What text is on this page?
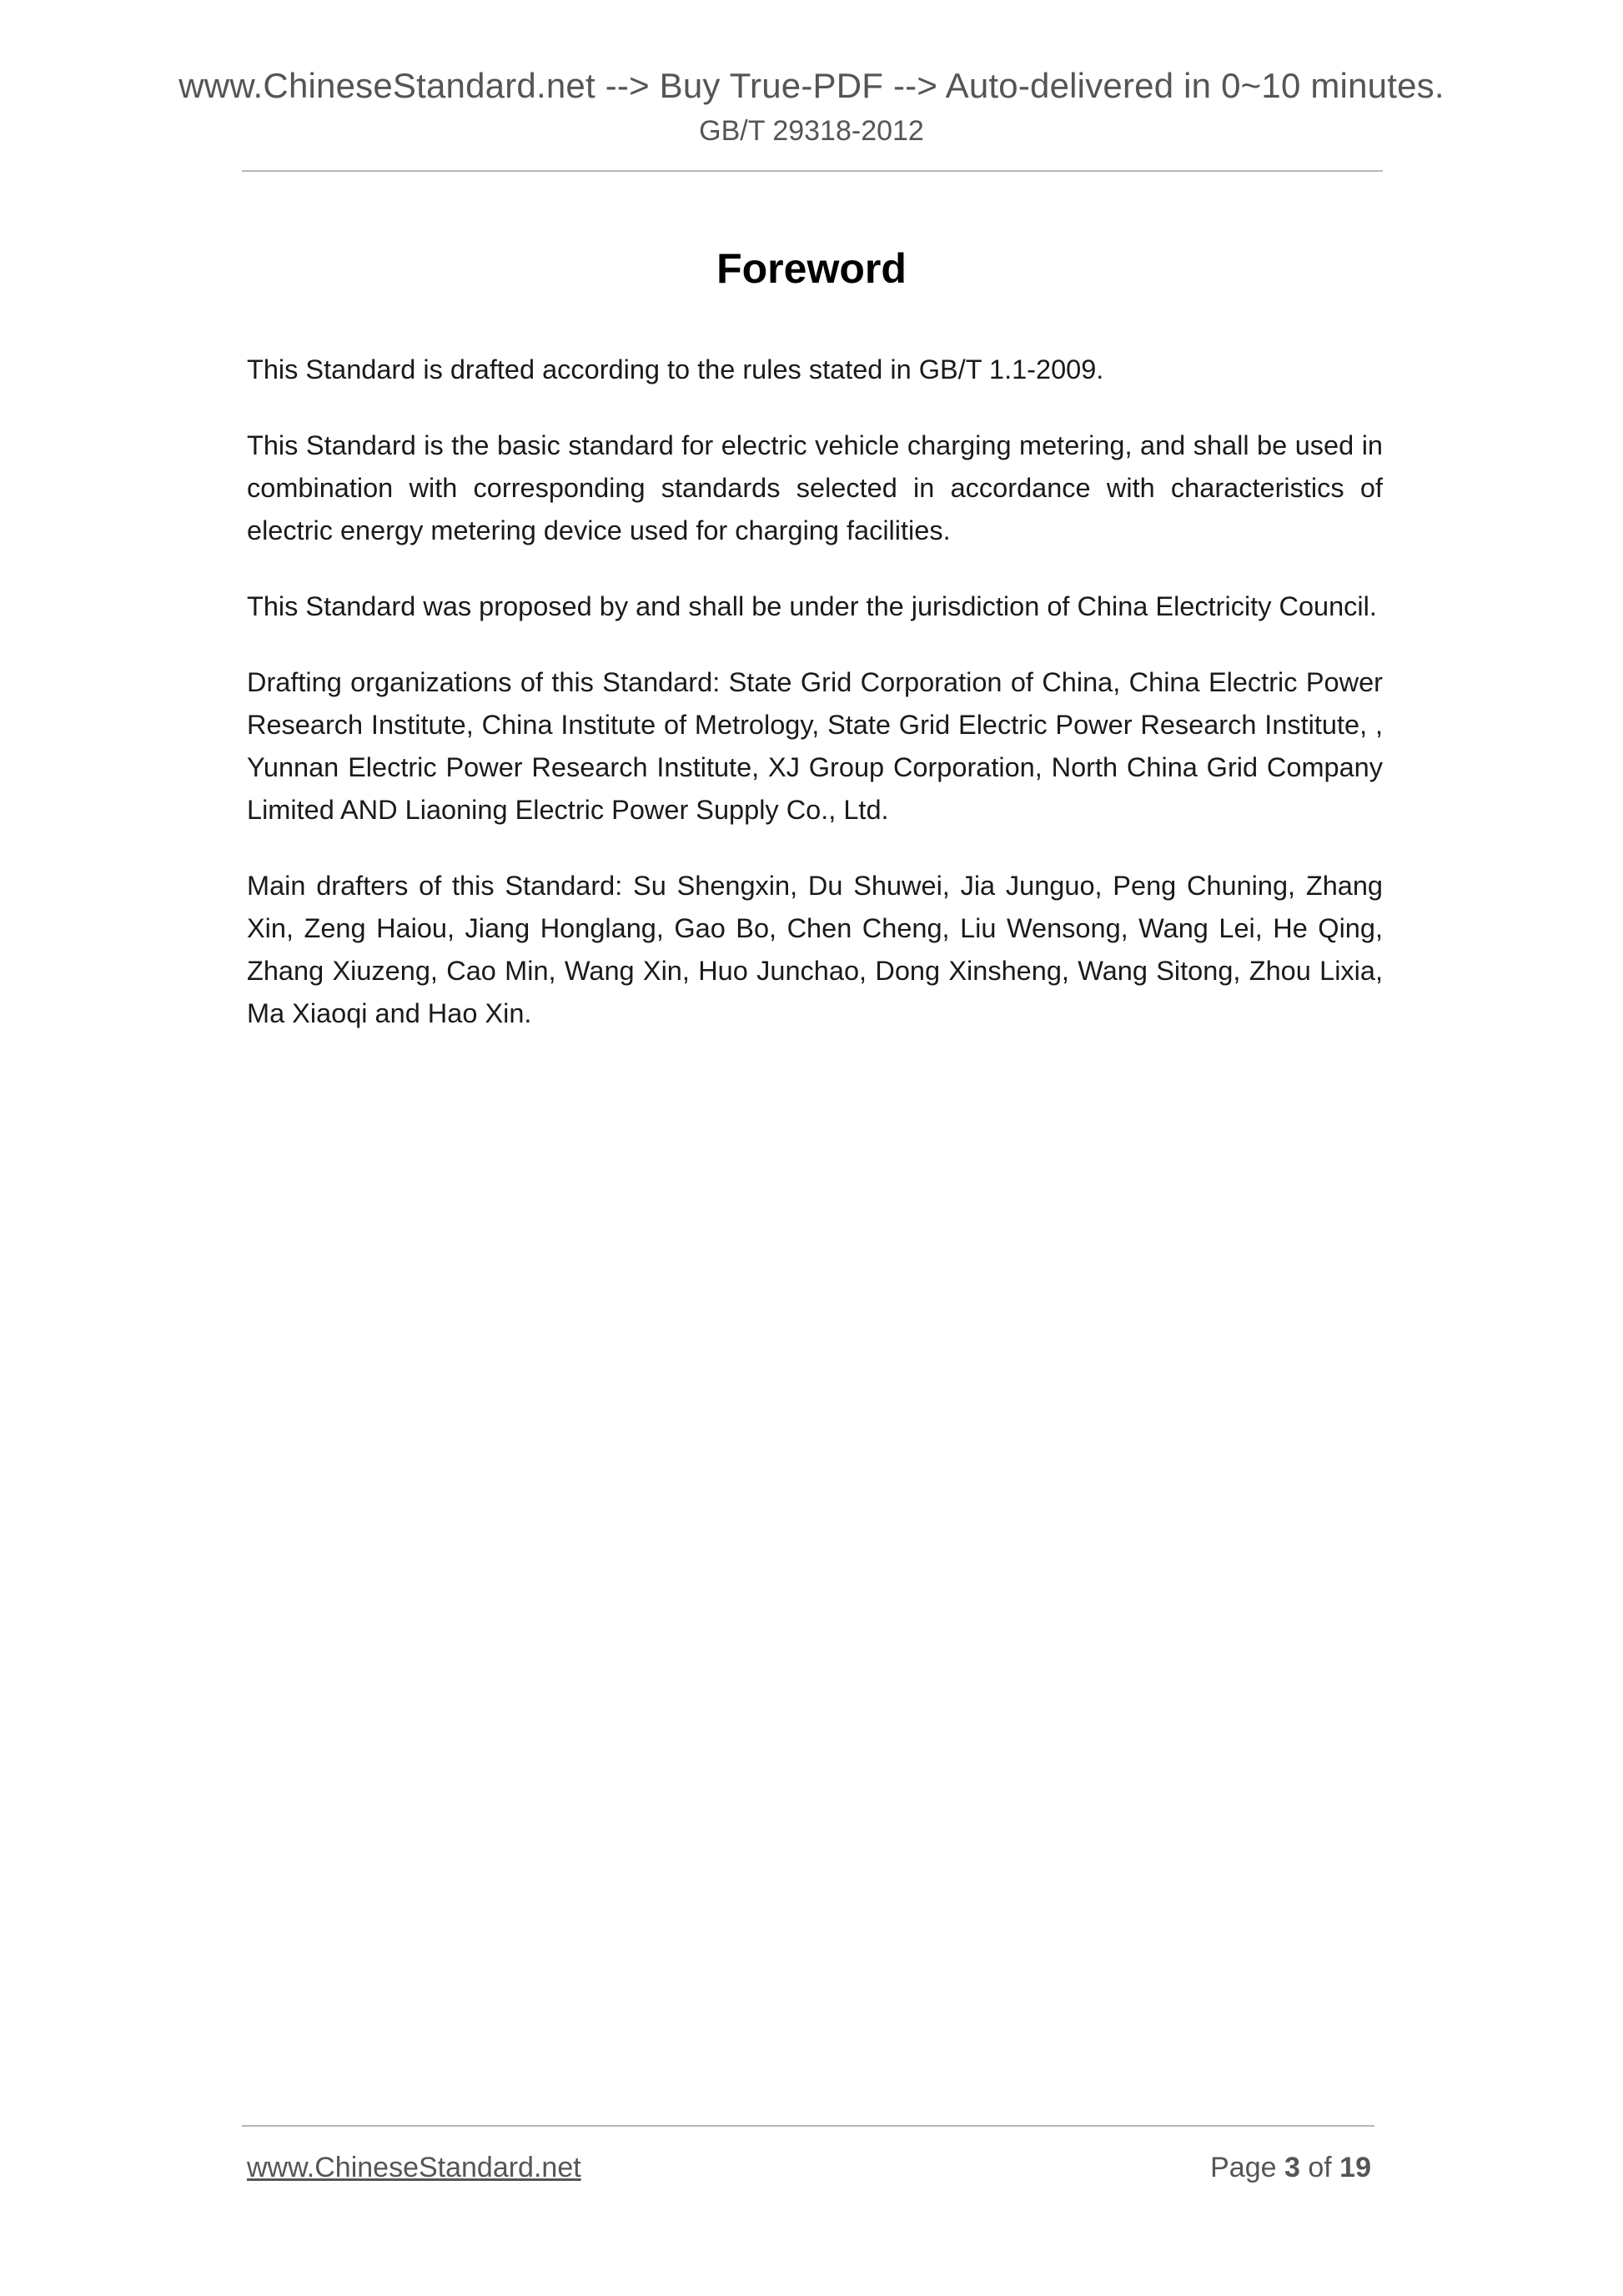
www.ChineseStandard.net --> Buy True-PDF --> Auto-delivered in 0~10 minutes.
GB/T 29318-2012
Foreword

This Standard is drafted according to the rules stated in GB/T 1.1-2009.

This Standard is the basic standard for electric vehicle charging metering, and shall be used in combination with corresponding standards selected in accordance with characteristics of electric energy metering device used for charging facilities.

This Standard was proposed by and shall be under the jurisdiction of China Electricity Council.

Drafting organizations of this Standard: State Grid Corporation of China, China Electric Power Research Institute, China Institute of Metrology, State Grid Electric Power Research Institute, , Yunnan Electric Power Research Institute, XJ Group Corporation, North China Grid Company Limited AND Liaoning Electric Power Supply Co., Ltd.

Main drafters of this Standard: Su Shengxin, Du Shuwei, Jia Junguo, Peng Chuning, Zhang Xin, Zeng Haiou, Jiang Honglang, Gao Bo, Chen Cheng, Liu Wensong, Wang Lei, He Qing, Zhang Xiuzeng, Cao Min, Wang Xin, Huo Junchao, Dong Xinsheng, Wang Sitong, Zhou Lixia, Ma Xiaoqi and Hao Xin.

www.ChineseStandard.net	Page 3 of 19
